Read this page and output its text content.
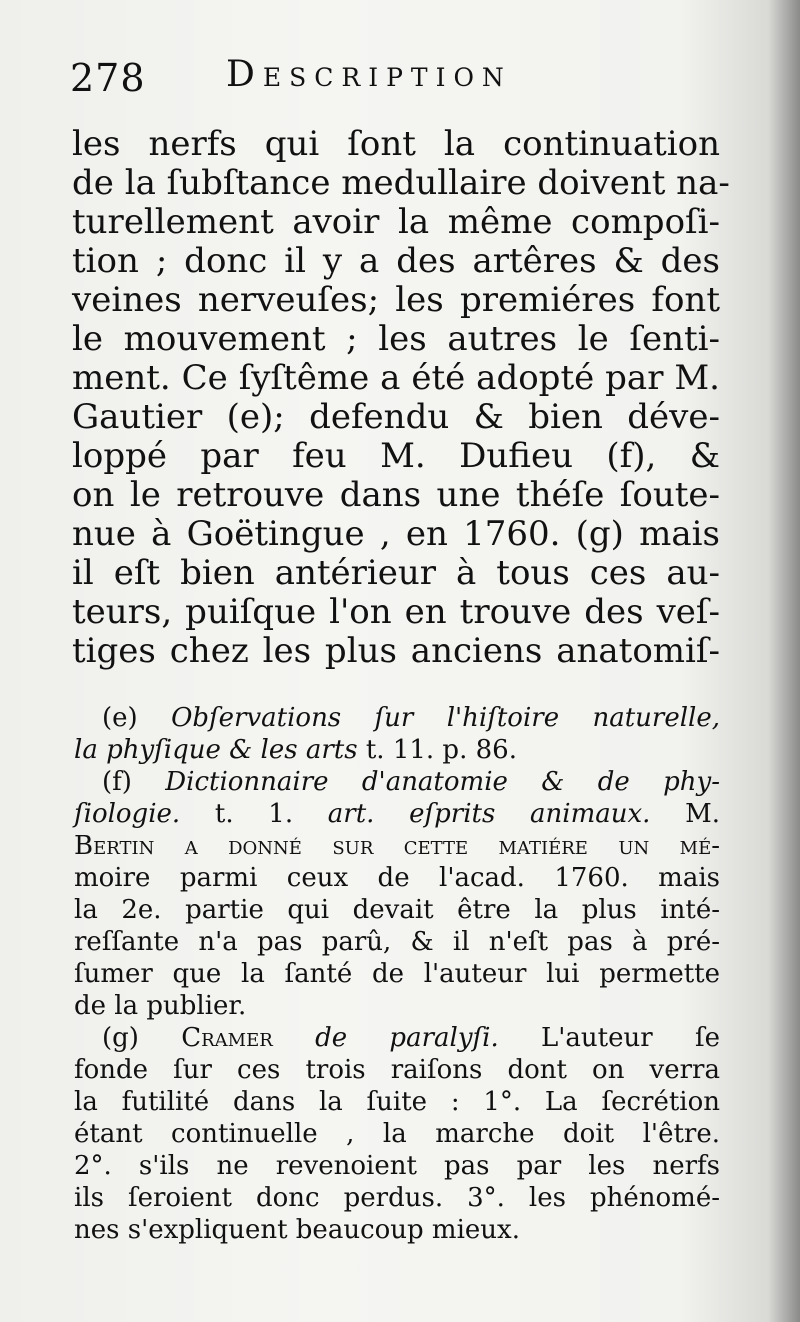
278 Description
les nerfs qui ſont la continuation
de la ſubſtance medullaire doivent na-
turellement avoir la même compoſi-
tion ; donc il y a des artêres & des
veines nerveuſes; les premiéres font
le mouvement ; les autres le ſenti-
ment. Ce ſyſtême a été adopté par M.
Gautier (e); defendu & bien déve-
loppé par feu M. Dufieu (f), &
on le retrouve dans une théſe ſoute-
nue à Goëtingue , en 1760. (g) mais
il eſt bien antérieur à tous ces au-
teurs, puiſque l'on en trouve des veſ-
tiges chez les plus anciens anatomiſ-
(e) Obſervations ſur l'hiſtoire naturelle,
la phyſique & les arts t. 11. p. 86.
(f) Dictionnaire d'anatomie & de phy-
ſiologie. t. 1. art. eſprits animaux. M.
Bertin a donné ſur cette matiére un mé-
moire parmi ceux de l'acad. 1760. mais
la 2e. partie qui devait être la plus inté-
reſſante n'a pas parû, & il n'eſt pas à pré-
ſumer que la ſanté de l'auteur lui permette
de la publier.
(g) Cramer de paralyſi. L'auteur ſe
fonde ſur ces trois raiſons dont on verra
la futilité dans la ſuite : 1°. La ſecrétion
étant continuelle , la marche doit l'être.
2°. s'ils ne revenoient pas par les nerfs
ils ſeroient donc perdus. 3°. les phénomé-
nes s'expliquent beaucoup mieux.
